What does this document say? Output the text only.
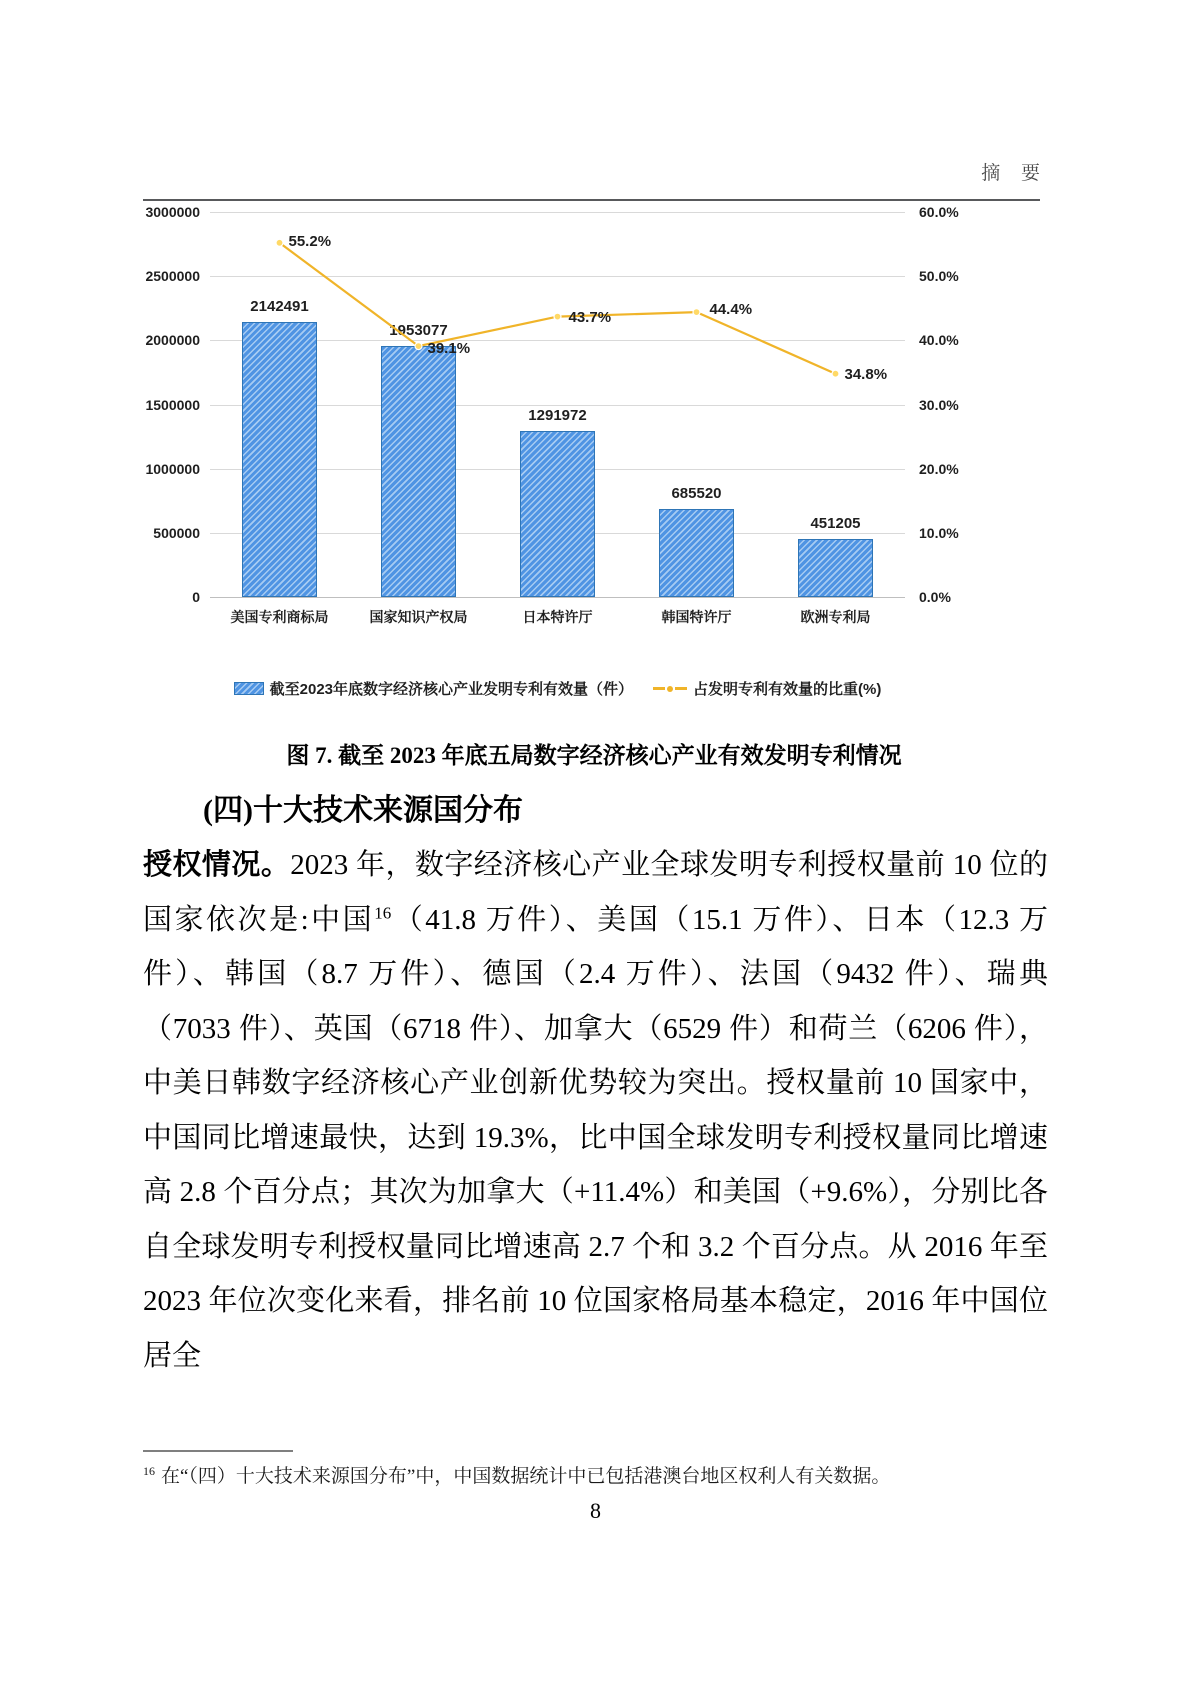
摘 要
截至2023年底数字经济核心产业发明专利有效量（件）	占发明专利有效量的比重(%)
3000000	60.0%
2500000	50.0%
2000000	40.0%
1500000	30.0%
1000000	20.0%
500000	10.0%
0	0.0%
2142491
1953077
1291972
685520
451205
美国专利商标局	国家知识产权局	日本特许厅	韩国特许厅	欧洲专利局
55.2%
39.1%
43.7%	44.4%
34.8%
图 7. 截至 2023 年底五局数字经济核心产业有效发明专利情况
(四)十大技术来源国分布
授权情况。2023 年，数字经济核心产业全球发明专利授权量前 10 位的国家依次是:中国$^{16}$（41.8 万件）、美国（15.1 万件）、日本（12.3 万件）、韩国（8.7 万件）、德国（2.4 万件）、法国（9432 件）、瑞典（7033 件）、英国（6718 件）、加拿大（6529 件）和荷兰（6206 件），中美日韩数字经济核心产业创新优势较为突出。授权量前 10 国家中，中国同比增速最快，达到 19.3%，比中国全球发明专利授权量同比增速高 2.8 个百分点；其次为加拿大（+11.4%）和美国（+9.6%），分别比各自全球发明专利授权量同比增速高 2.7 个和 3.2 个百分点。从 2016 年至 2023 年位次变化来看，排名前 10 位国家格局基本稳定，2016 年中国位居全
$^{16}$ 在“（四）十大技术来源国分布”中，中国数据统计中已包括港澳台地区权利人有关数据。
8
